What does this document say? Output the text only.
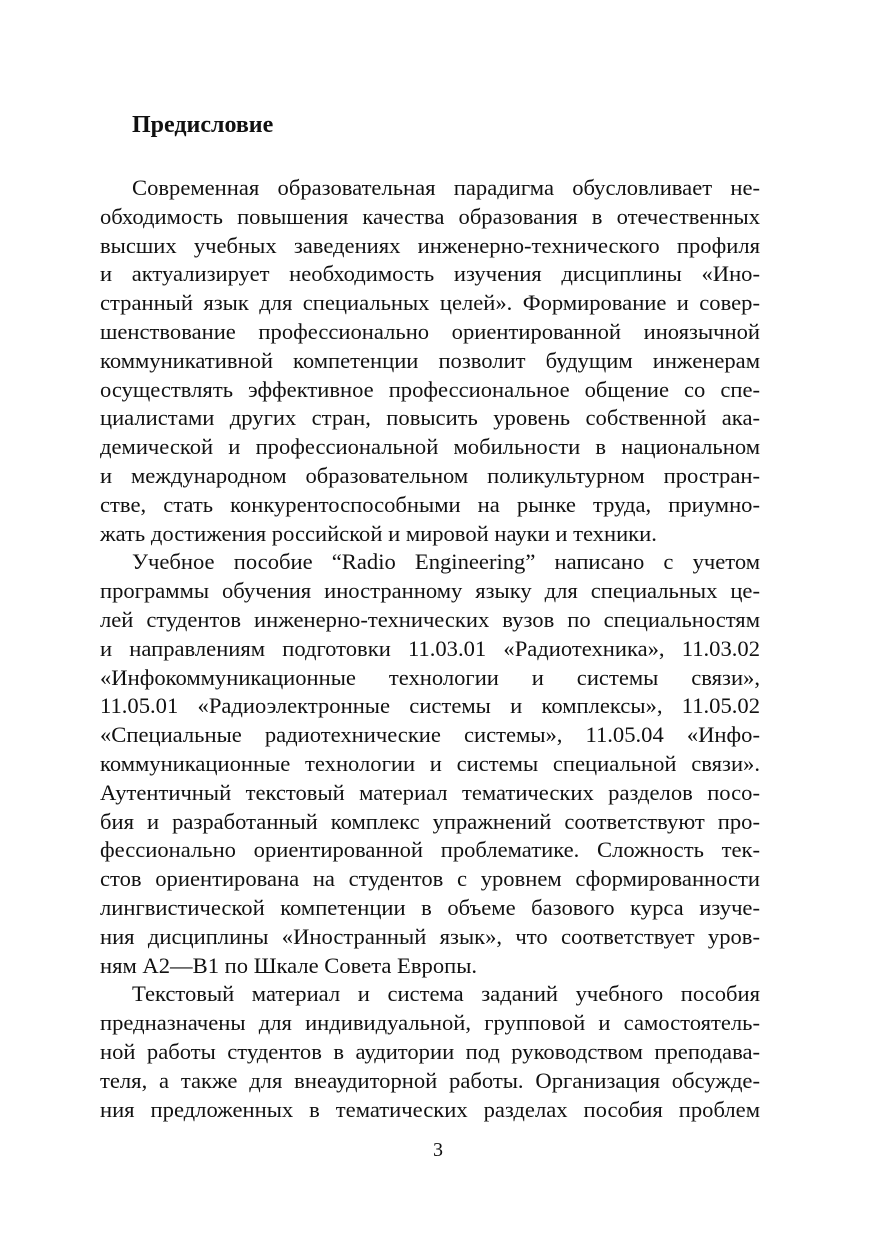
Предисловие
Современная образовательная парадигма обусловливает не-
обходимость повышения качества образования в отечественных
высших учебных заведениях инженерно-технического профиля
и актуализирует необходимость изучения дисциплины «Ино-
странный язык для специальных целей». Формирование и совер-
шенствование профессионально ориентированной иноязычной
коммуникативной компетенции позволит будущим инженерам
осуществлять эффективное профессиональное общение со спе-
циалистами других стран, повысить уровень собственной ака-
демической и профессиональной мобильности в национальном
и международном образовательном поликультурном простран-
стве, стать конкурентоспособными на рынке труда, приумно-
жать достижения российской и мировой науки и техники.
Учебное пособие “Radio Engineering” написано с учетом
программы обучения иностранному языку для специальных це-
лей студентов инженерно-технических вузов по специальностям
и направлениям подготовки 11.03.01 «Радиотехника», 11.03.02
«Инфокоммуникационные технологии и системы связи»,
11.05.01 «Радиоэлектронные системы и комплексы», 11.05.02
«Специальные радиотехнические системы», 11.05.04 «Инфо-
коммуникационные технологии и системы специальной связи».
Аутентичный текстовый материал тематических разделов посо-
бия и разработанный комплекс упражнений соответствуют про-
фессионально ориентированной проблематике. Сложность тек-
стов ориентирована на студентов с уровнем сформированности
лингвистической компетенции в объеме базового курса изуче-
ния дисциплины «Иностранный язык», что соответствует уров-
ням А2—В1 по Шкале Совета Европы.
Текстовый материал и система заданий учебного пособия
предназначены для индивидуальной, групповой и самостоятель-
ной работы студентов в аудитории под руководством преподава-
теля, а также для внеаудиторной работы. Организация обсужде-
ния предложенных в тематических разделах пособия проблем
3
